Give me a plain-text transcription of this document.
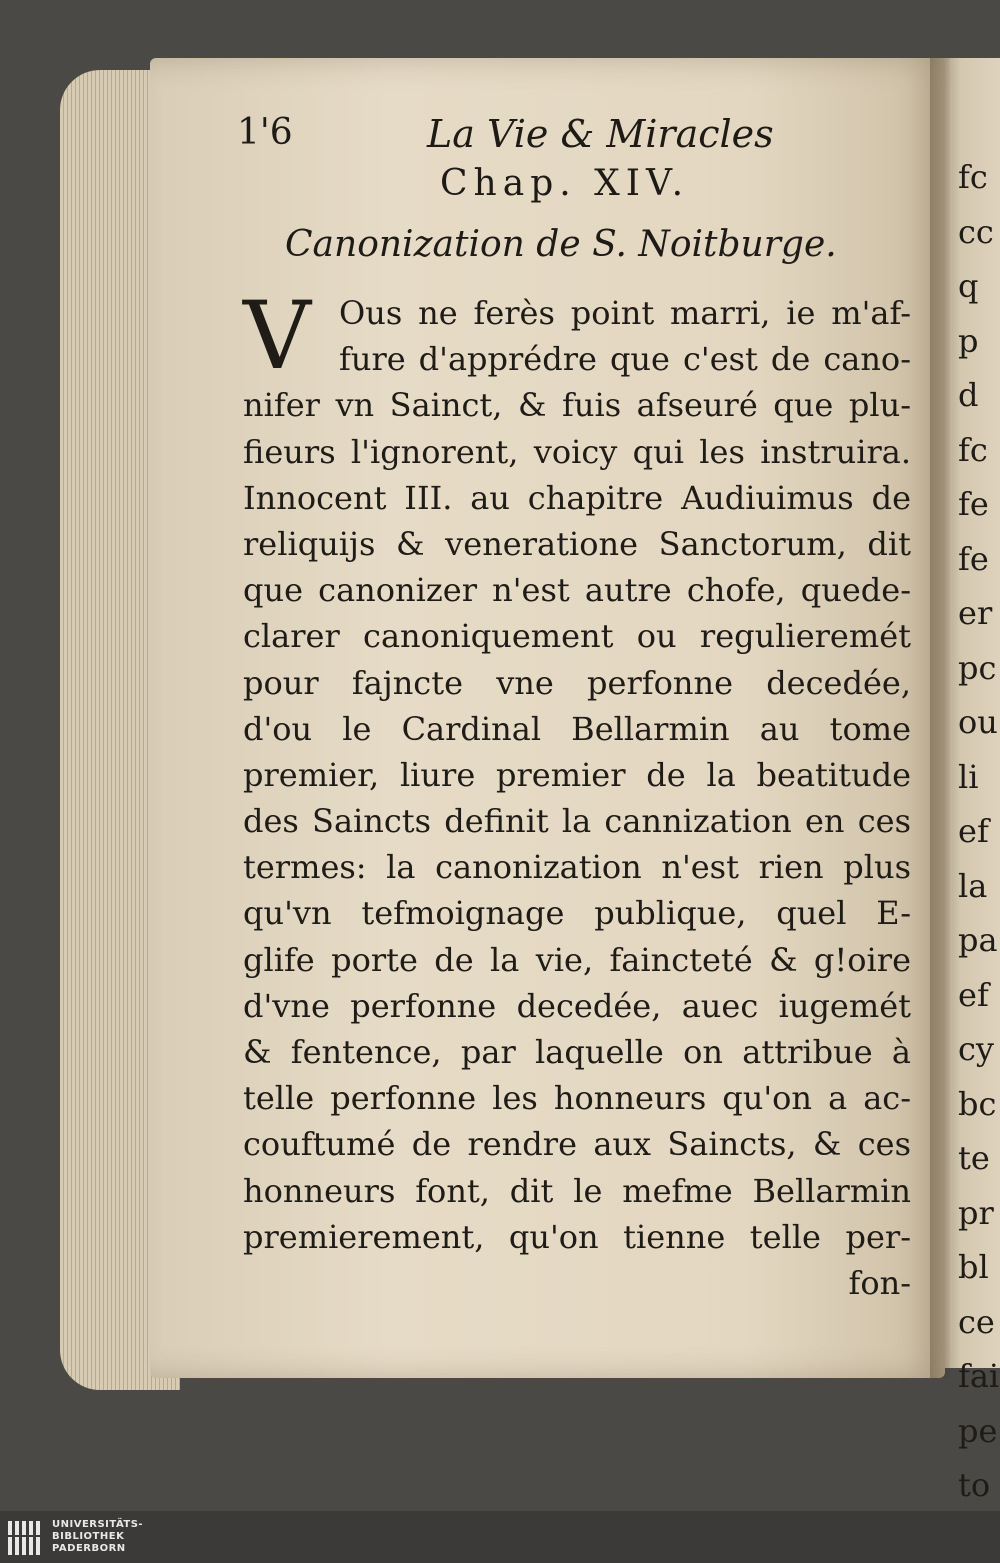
1'6	La Vie & Miracles
Chap. XIV.
Canonization de S. Noitburge.
V Ous ne ferès point marri, ie m'af-
fure d'apprédre que c'est de cano-
nifer vn Sainct, & fuis afseuré que plu-
fieurs l'ignorent, voicy qui les instruira.
Innocent III. au chapitre Audiuimus de
reliquijs & veneratione Sanctorum, dit
que canonizer n'est autre chofe, quede-
clarer canoniquement ou regulieremét
pour fajncte vne perfonne decedée,
d'ou le Cardinal Bellarmin au tome
premier, liure premier de la beatitude
des Saincts definit la cannization en ces
termes: la canonization n'est rien plus
qu'vn tefmoignage publique, quel E-
glife porte de la vie, faincteté & g!oire
d'vne perfonne decedée, auec iugemét
& fentence, par laquelle on attribue à
telle perfonne les honneurs qu'on a ac-
couftumé de rendre aux Saincts, & ces
honneurs font, dit le mefme Bellarmin
premierement, qu'on tienne telle per-
fon-
fc
cc
q
p
d
fc
fe
fe
er
pc
ou
li
ef
la
pa
ef
cy
bc
te
pr
bl
ce
fai
pe
to
UNIVERSITÄTS-
BIBLIOTHEK
PADERBORN
